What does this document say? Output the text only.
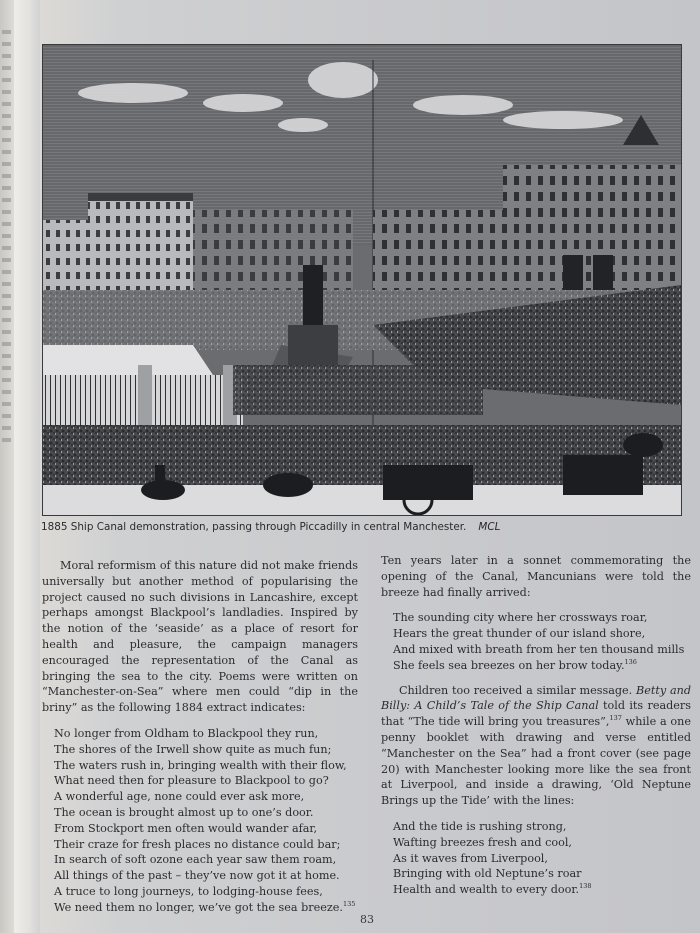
1885 Ship Canal demonstration, passing through Piccadilly in central Manchester. MCL

Moral reformism of this nature did not make friends universally but another method of popularising the project caused no such divisions in Lancashire, except perhaps amongst Blackpool’s landladies. Inspired by the notion of the ‘seaside’ as a place of resort for health and pleasure, the campaign managers encouraged the representation of the Canal as bringing the sea to the city. Poems were written on “Manchester-on-Sea” where men could “dip in the briny” as the following 1884 extract indicates:

No longer from Oldham to Blackpool they run,
The shores of the Irwell show quite as much fun;
The waters rush in, bringing wealth with their flow,
What need then for pleasure to Blackpool to go?
A wonderful age, none could ever ask more,
The ocean is brought almost up to one’s door.
From Stockport men often would wander afar,
Their craze for fresh places no distance could bar;
In search of soft ozone each year saw them roam,
All things of the past – they’ve now got it at home.
A truce to long journeys, to lodging-house fees,
We need them no longer, we’ve got the sea breeze.$^{135}$

Ten years later in a sonnet commemorating the opening of the Canal, Mancunians were told the breeze had finally arrived:

The sounding city where her crossways roar,
Hears the great thunder of our island shore,
And mixed with breath from her ten thousand mills
She feels sea breezes on her brow today.$^{136}$

Children too received a similar message. Betty and Billy: A Child’s Tale of the Ship Canal told its readers that “The tide will bring you treasures”,$^{137}$ while a one penny booklet with drawing and verse entitled “Manchester on the Sea” had a front cover (see page 20) with Manchester looking more like the sea front at Liverpool, and inside a drawing, ‘Old Neptune Brings up the Tide’ with the lines:

And the tide is rushing strong,
Wafting breezes fresh and cool,
As it waves from Liverpool,
Bringing with old Neptune’s roar
Health and wealth to every door.$^{138}$
83
